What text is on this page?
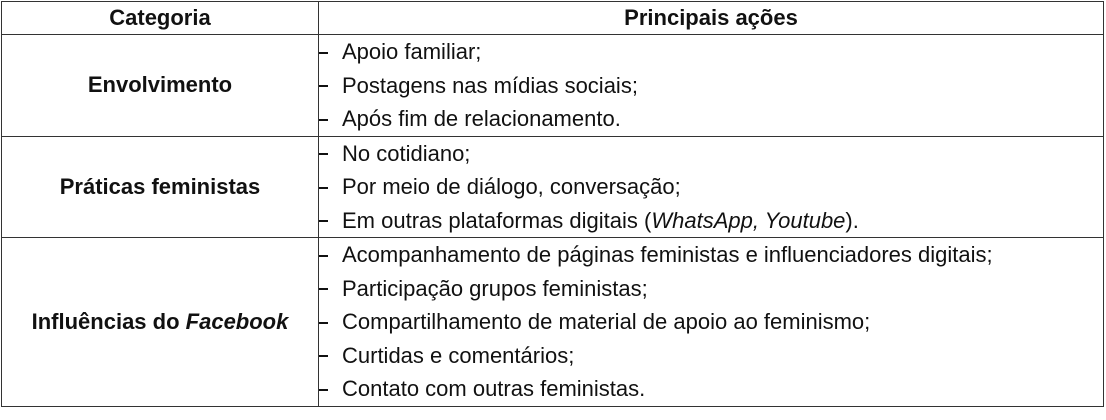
Categoria	Principais ações
Envolvimento	Apoio familiar;
Postagens nas mídias sociais;
Após fim de relacionamento.

Práticas feministas	No cotidiano;
Por meio de diálogo, conversação;
Em outras plataformas digitais (WhatsApp, Youtube).

Influências do Facebook	Acompanhamento de páginas feministas e influenciadores digitais;
Participação grupos feministas;
Compartilhamento de material de apoio ao feminismo;
Curtidas e comentários;
Contato com outras feministas.
